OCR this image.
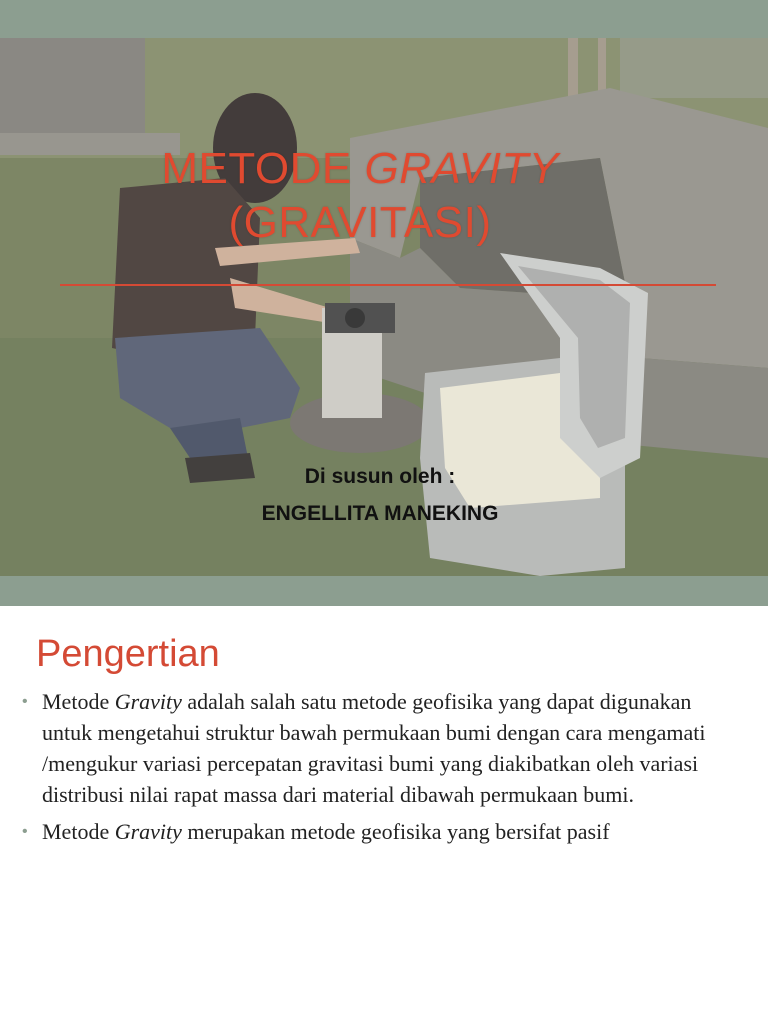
METODE GRAVITY
(GRAVITASI)
Di susun oleh :
ENGELLITA MANEKING
Pengertian
• Metode Gravity adalah salah satu metode geofisika yang dapat digunakan untuk mengetahui struktur bawah permukaan bumi dengan cara mengamati /mengukur variasi percepatan gravitasi bumi yang diakibatkan oleh variasi distribusi nilai rapat massa dari material dibawah permukaan bumi.
• Metode Gravity merupakan metode geofisika yang bersifat pasif
